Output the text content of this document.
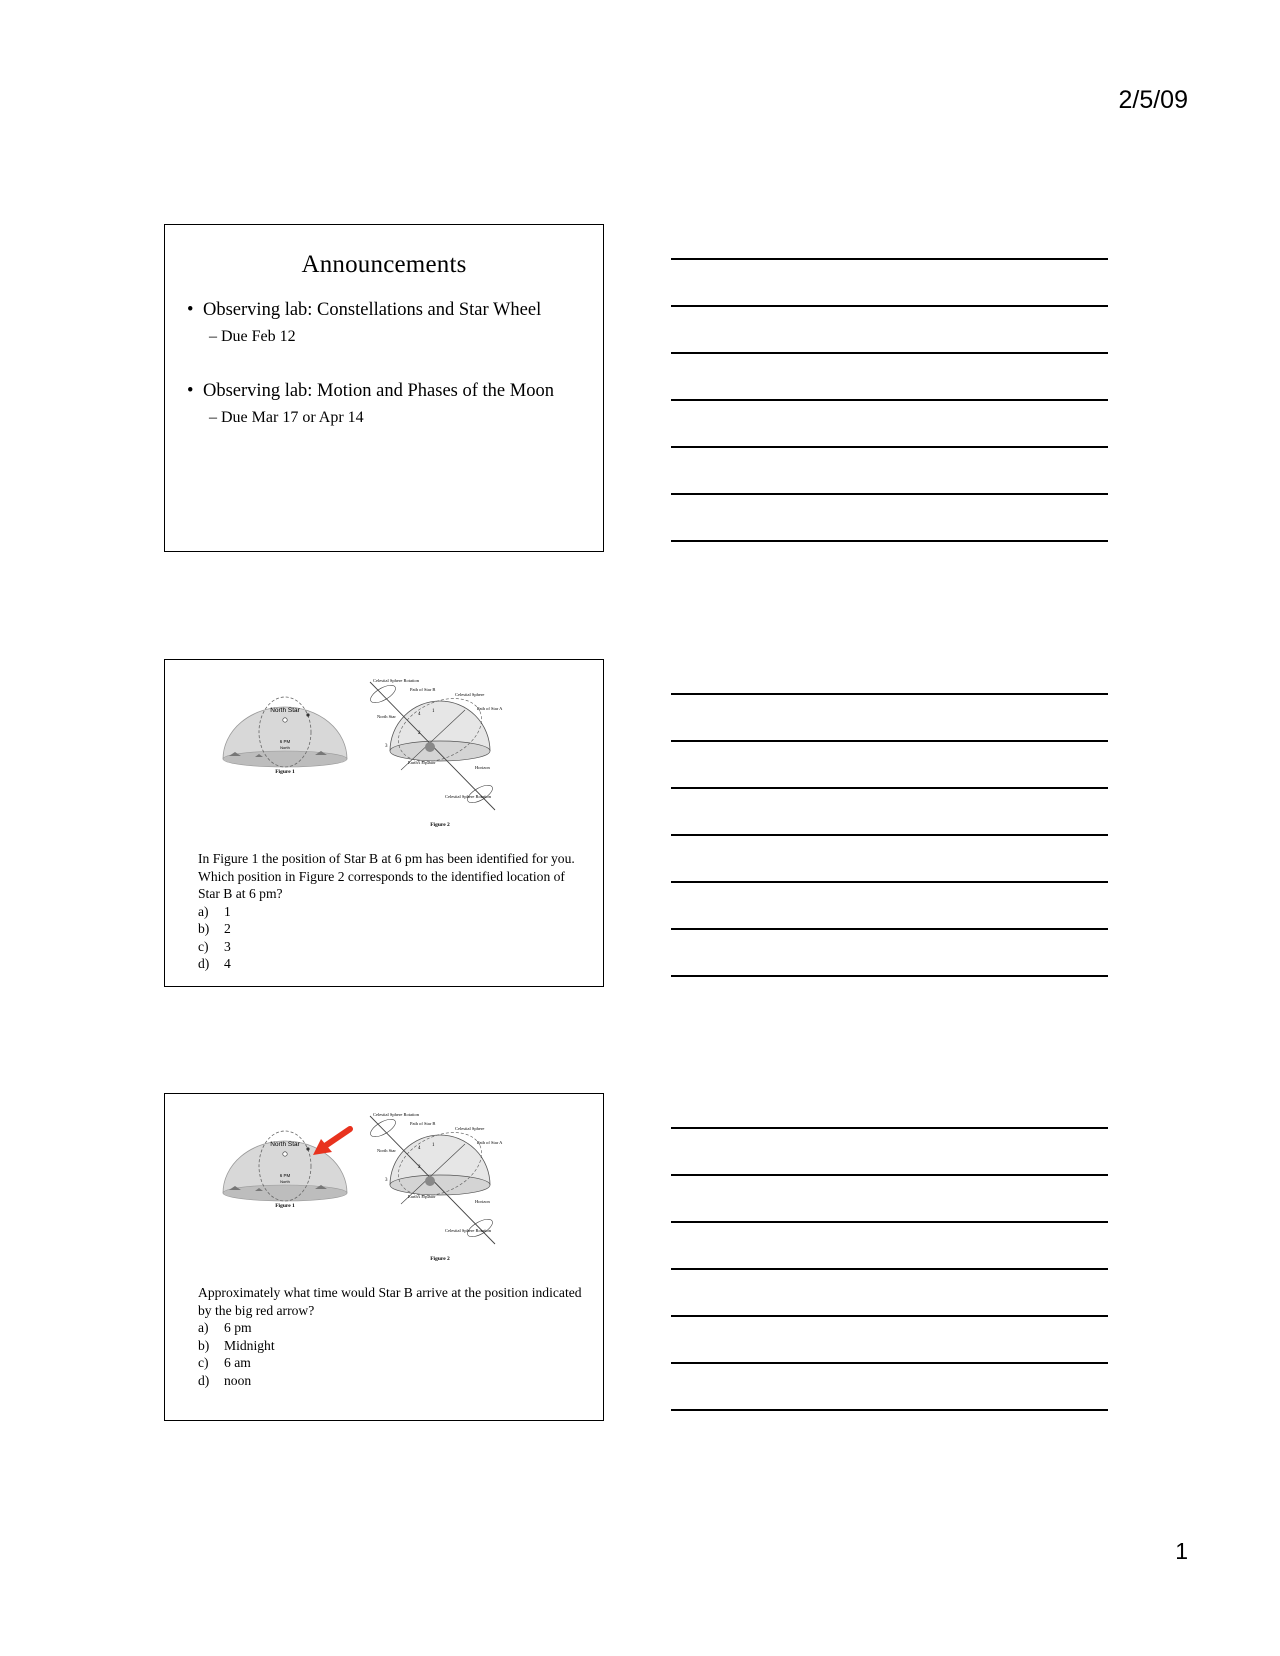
2/5/09
Announcements
• Observing lab: Constellations and Star Wheel
– Due Feb 12
• Observing lab: Motion and Phases of the Moon
– Due Mar 17 or Apr 14
North Star
6 PM
North
Figure 1
Celestial Sphere Rotation
Path of Star B
Celestial Sphere
Path of Star A
North Star
Earth's Equator
Horizon
Celestial Sphere Rotation
1
4
2
3
Figure 2
In Figure 1 the position of Star B at 6 pm has been identified for you. Which position in Figure 2 corresponds to the identified location of Star B at 6 pm?
a) 1
b) 2
c) 3
d) 4
North Star
6 PM
North
Figure 1
Celestial Sphere Rotation
Path of Star B
Celestial Sphere
Path of Star A
North Star
Earth's Equator
Horizon
Celestial Sphere Rotation
1
4
2
3
Figure 2
Approximately what time would Star B arrive at the position indicated by the big red arrow?
a) 6 pm
b) Midnight
c) 6 am
d) noon
1
